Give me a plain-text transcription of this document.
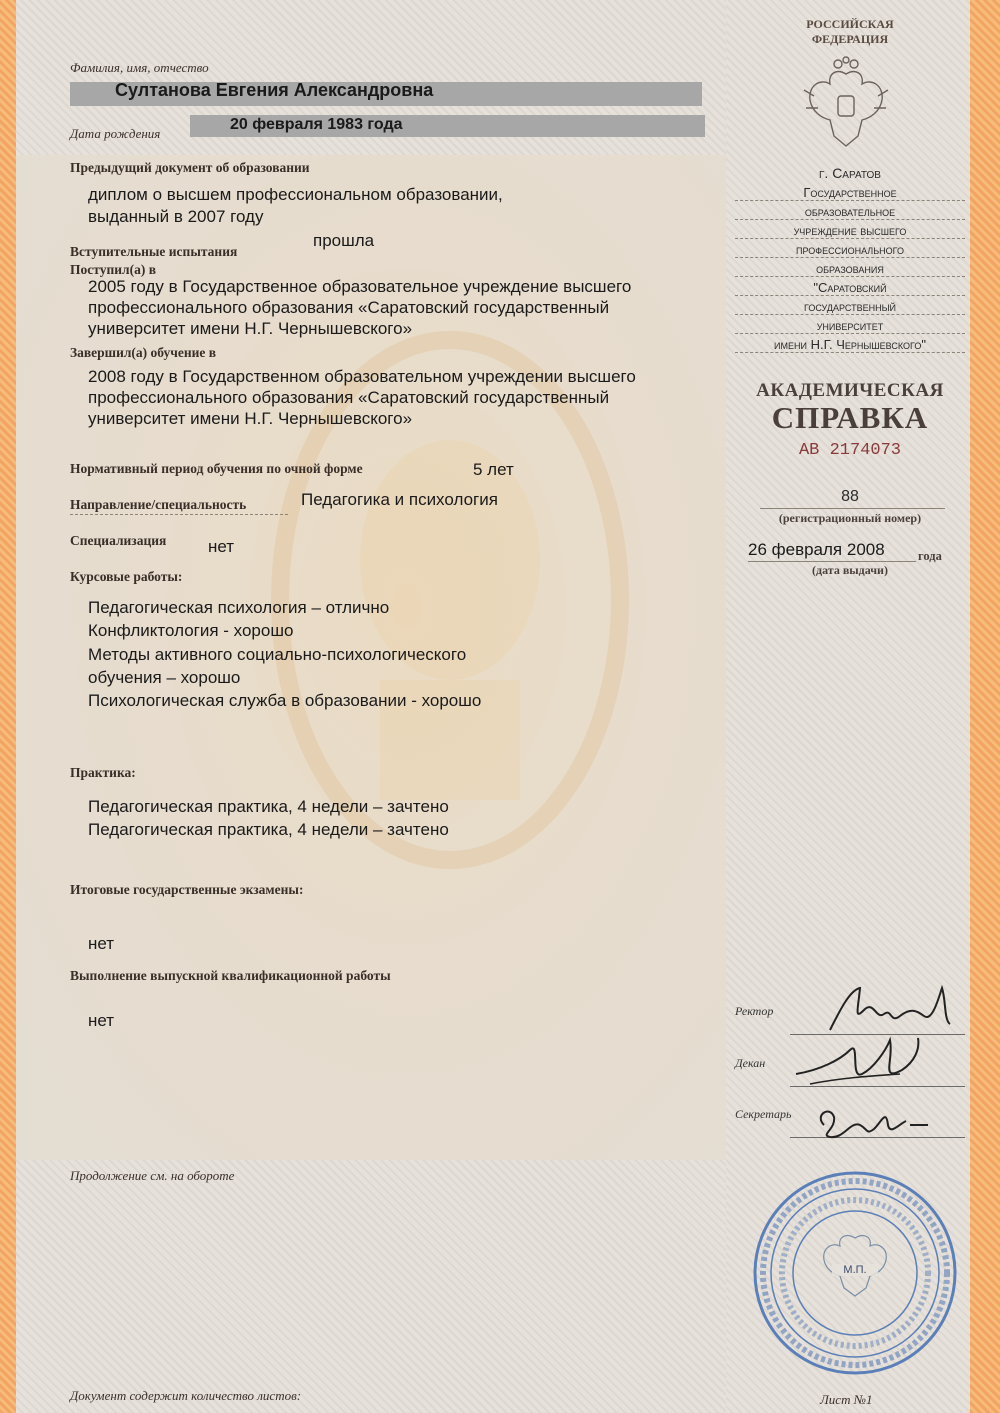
Фамилия, имя, отчество
Султанова Евгения Александровна
Дата рождения
20 февраля 1983 года
Предыдущий документ об образовании
диплом о высшем профессиональном образовании,
выданный в 2007 году
Вступительные испытания
прошла
Поступил(а) в
2005 году в Государственное образовательное учреждение высшего
профессионального образования «Саратовский государственный
университет имени Н.Г. Чернышевского»
Завершил(а) обучение в
2008 году в Государственном образовательном учреждении высшего
профессионального образования «Саратовский государственный
университет имени Н.Г. Чернышевского»
Нормативный период обучения по очной форме	5 лет
Направление/специальность	Педагогика и психология
Специализация нет
Курсовые работы:
Педагогическая психология – отлично
Конфликтология - хорошо
Методы активного социально-психологического
обучения – хорошо
Психологическая служба в образовании - хорошо
Практика:
Педагогическая практика, 4 недели – зачтено
Педагогическая практика, 4 недели – зачтено
Итоговые государственные экзамены:
нет
Выполнение выпускной квалификационной работы
нет
Продолжение см. на обороте
Документ содержит количество листов:	Лист №1
РОССИЙСКАЯ
ФЕДЕРАЦИЯ
г. Саратов
Государственное
образовательное
учреждение высшего
профессионального
образования
"Саратовский
государственный
университет
имени Н.Г. Чернышевского"
АКАДЕМИЧЕСКАЯ
СПРАВКА
АВ 2174073
88
(регистрационный номер)
26 февраля 2008	года
(дата выдачи)
Ректор
Декан
Секретарь
М.П.
